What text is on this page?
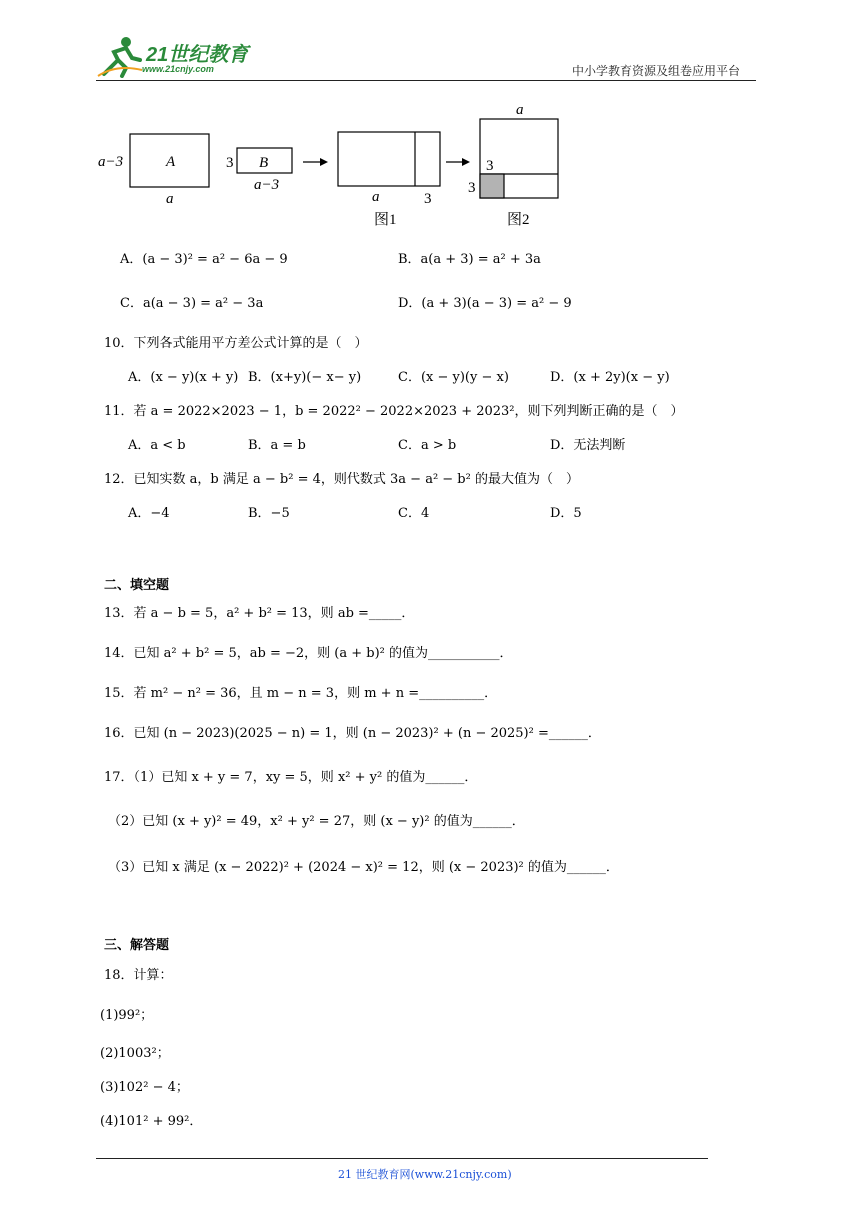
21世纪教育
www.21cnjy.com	中小学教育资源及组卷应用平台
A
a−3
a
B
3
a−3
a	3
图1
a
3
3
图2
A．(a − 3)² = a² − 6a − 9	B．a(a + 3) = a² + 3a
C．a(a − 3) = a² − 3a	D．(a + 3)(a − 3) = a² − 9
10．下列各式能用平方差公式计算的是（　）
A．(x − y)(x + y) B．(x+y)(− x− y)	C．(x − y)(y − x)	D．(x + 2y)(x − y)
11．若 a = 2022×2023 − 1，b = 2022² − 2022×2023 + 2023²，则下列判断正确的是（　）
A．a < b	B．a = b	C．a > b	D．无法判断
12．已知实数 a，b 满足 a − b² = 4，则代数式 3a − a² − b² 的最大值为（　）
A．−4	B．−5	C．4	D．5
二、填空题
13．若 a − b = 5，a² + b² = 13，则 ab =_____．
14．已知 a² + b² = 5，ab = −2，则 (a + b)² 的值为___________．
15．若 m² − n² = 36，且 m − n = 3，则 m + n =__________．
16．已知 (n − 2023)(2025 − n) = 1，则 (n − 2023)² + (n − 2025)² =______．
17．（1）已知 x + y = 7，xy = 5，则 x² + y² 的值为______．
（2）已知 (x + y)² = 49，x² + y² = 27，则 (x − y)² 的值为______．
（3）已知 x 满足 (x − 2022)² + (2024 − x)² = 12，则 (x − 2023)² 的值为______．
三、解答题
18．计算：
(1)99²；
(2)1003²；
(3)102² − 4；
(4)101² + 99²．
21 世纪教育网(www.21cnjy.com)
